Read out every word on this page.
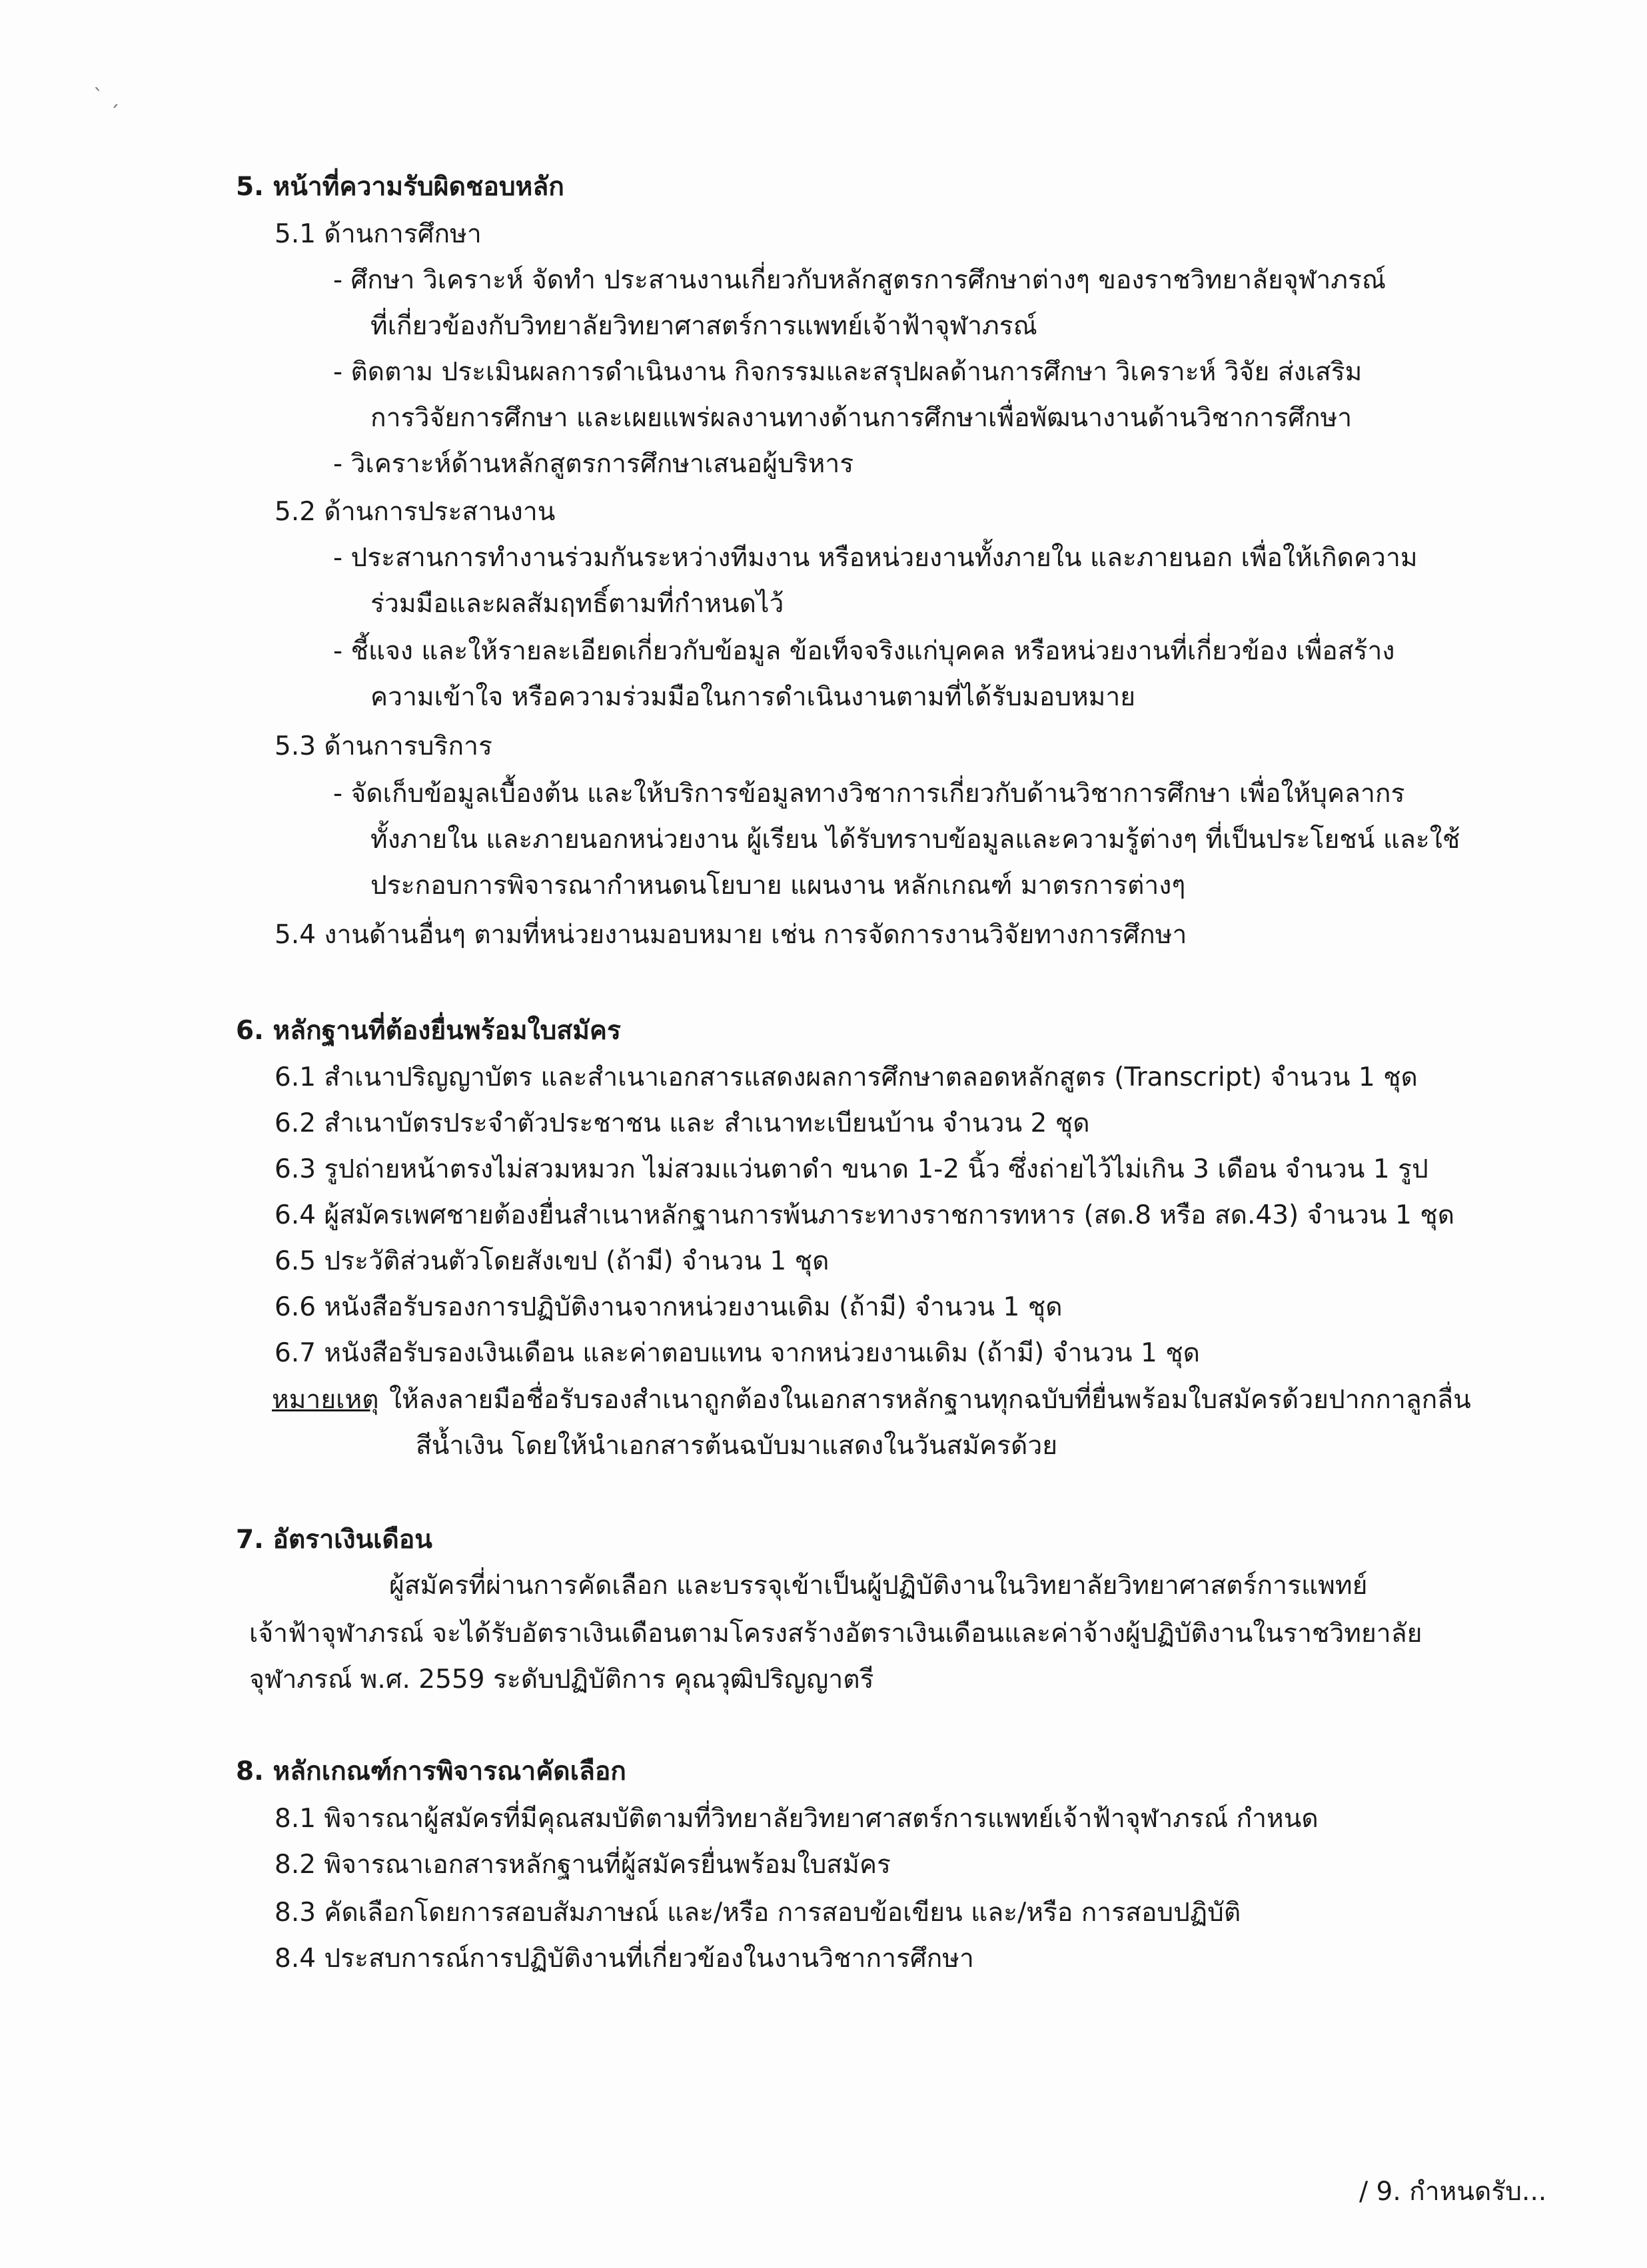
ˋ ˏ
5. หน้าที่ความรับผิดชอบหลัก
5.1 ด้านการศึกษา
- ศึกษา วิเคราะห์ จัดทำ ประสานงานเกี่ยวกับหลักสูตรการศึกษาต่างๆ ของราชวิทยาลัยจุฬาภรณ์
ที่เกี่ยวข้องกับวิทยาลัยวิทยาศาสตร์การแพทย์เจ้าฟ้าจุฬาภรณ์
- ติดตาม ประเมินผลการดำเนินงาน กิจกรรมและสรุปผลด้านการศึกษา วิเคราะห์ วิจัย ส่งเสริม
การวิจัยการศึกษา และเผยแพร่ผลงานทางด้านการศึกษาเพื่อพัฒนางานด้านวิชาการศึกษา
- วิเคราะห์ด้านหลักสูตรการศึกษาเสนอผู้บริหาร
5.2 ด้านการประสานงาน
- ประสานการทำงานร่วมกันระหว่างทีมงาน หรือหน่วยงานทั้งภายใน และภายนอก เพื่อให้เกิดความ
ร่วมมือและผลสัมฤทธิ์ตามที่กำหนดไว้
- ชี้แจง และให้รายละเอียดเกี่ยวกับข้อมูล ข้อเท็จจริงแก่บุคคล หรือหน่วยงานที่เกี่ยวข้อง เพื่อสร้าง
ความเข้าใจ หรือความร่วมมือในการดำเนินงานตามที่ได้รับมอบหมาย
5.3 ด้านการบริการ
- จัดเก็บข้อมูลเบื้องต้น และให้บริการข้อมูลทางวิชาการเกี่ยวกับด้านวิชาการศึกษา เพื่อให้บุคลากร
ทั้งภายใน และภายนอกหน่วยงาน ผู้เรียน ได้รับทราบข้อมูลและความรู้ต่างๆ ที่เป็นประโยชน์ และใช้
ประกอบการพิจารณากำหนดนโยบาย แผนงาน หลักเกณฑ์ มาตรการต่างๆ
5.4 งานด้านอื่นๆ ตามที่หน่วยงานมอบหมาย เช่น การจัดการงานวิจัยทางการศึกษา
6. หลักฐานที่ต้องยื่นพร้อมใบสมัคร
6.1 สำเนาปริญญาบัตร และสำเนาเอกสารแสดงผลการศึกษาตลอดหลักสูตร (Transcript) จำนวน 1 ชุด
6.2 สำเนาบัตรประจำตัวประชาชน และ สำเนาทะเบียนบ้าน จำนวน 2 ชุด
6.3 รูปถ่ายหน้าตรงไม่สวมหมวก ไม่สวมแว่นตาดำ ขนาด 1-2 นิ้ว ซึ่งถ่ายไว้ไม่เกิน 3 เดือน จำนวน 1 รูป
6.4 ผู้สมัครเพศชายต้องยื่นสำเนาหลักฐานการพ้นภาระทางราชการทหาร (สด.8 หรือ สด.43) จำนวน 1 ชุด
6.5 ประวัติส่วนตัวโดยสังเขป (ถ้ามี) จำนวน 1 ชุด
6.6 หนังสือรับรองการปฏิบัติงานจากหน่วยงานเดิม (ถ้ามี) จำนวน 1 ชุด
6.7 หนังสือรับรองเงินเดือน และค่าตอบแทน จากหน่วยงานเดิม (ถ้ามี) จำนวน 1 ชุด
หมายเหตุ ให้ลงลายมือชื่อรับรองสำเนาถูกต้องในเอกสารหลักฐานทุกฉบับที่ยื่นพร้อมใบสมัครด้วยปากกาลูกลื่น
สีน้ำเงิน โดยให้นำเอกสารต้นฉบับมาแสดงในวันสมัครด้วย
7. อัตราเงินเดือน
ผู้สมัครที่ผ่านการคัดเลือก และบรรจุเข้าเป็นผู้ปฏิบัติงานในวิทยาลัยวิทยาศาสตร์การแพทย์
เจ้าฟ้าจุฬาภรณ์ จะได้รับอัตราเงินเดือนตามโครงสร้างอัตราเงินเดือนและค่าจ้างผู้ปฏิบัติงานในราชวิทยาลัย
จุฬาภรณ์ พ.ศ. 2559 ระดับปฏิบัติการ คุณวุฒิปริญญาตรี
8. หลักเกณฑ์การพิจารณาคัดเลือก
8.1 พิจารณาผู้สมัครที่มีคุณสมบัติตามที่วิทยาลัยวิทยาศาสตร์การแพทย์เจ้าฟ้าจุฬาภรณ์ กำหนด
8.2 พิจารณาเอกสารหลักฐานที่ผู้สมัครยื่นพร้อมใบสมัคร
8.3 คัดเลือกโดยการสอบสัมภาษณ์ และ/หรือ การสอบข้อเขียน และ/หรือ การสอบปฏิบัติ
8.4 ประสบการณ์การปฏิบัติงานที่เกี่ยวข้องในงานวิชาการศึกษา
/ 9. กำหนดรับ...
